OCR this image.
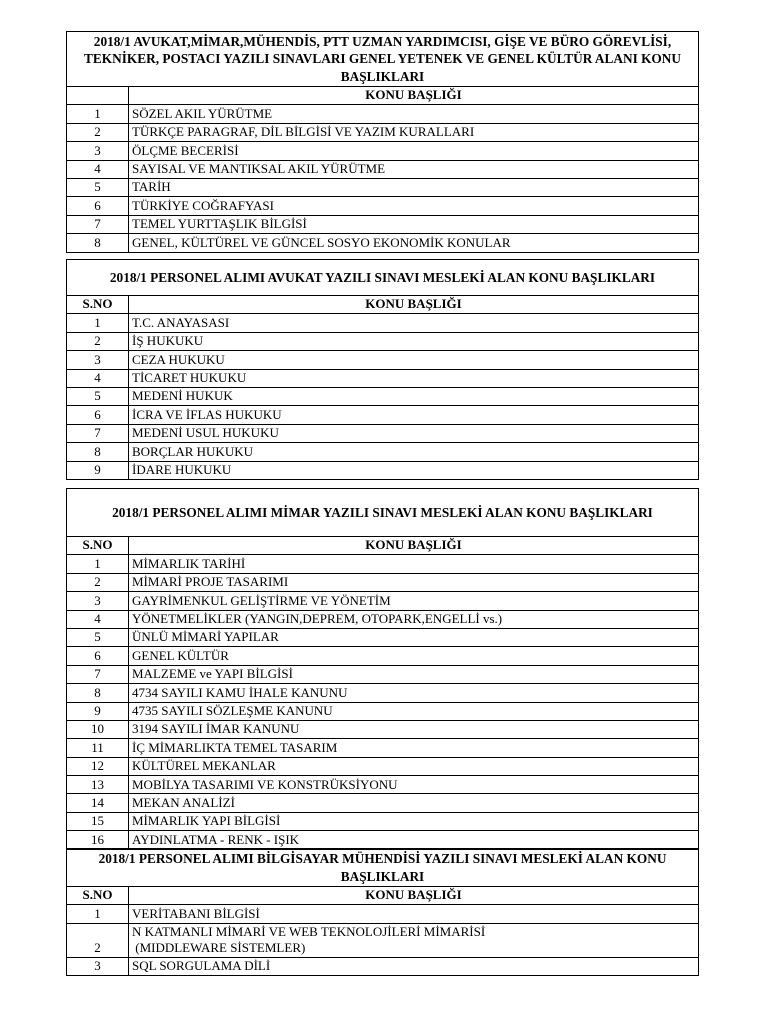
2018/1 AVUKAT,MİMAR,MÜHENDİS, PTT UZMAN YARDIMCISI, GİŞE VE BÜRO GÖREVLİSİ, TEKNİKER, POSTACI YAZILI SINAVLARI GENEL YETENEK VE GENEL KÜLTÜR ALANI KONU BAŞLIKLARI
	KONU BAŞLIĞI
1	SÖZEL AKIL YÜRÜTME
2	TÜRKÇE PARAGRAF, DİL BİLGİSİ VE YAZIM KURALLARI
3	ÖLÇME BECERİSİ
4	SAYISAL VE MANTIKSAL AKIL YÜRÜTME
5	TARİH
6	TÜRKİYE COĞRAFYASI
7	TEMEL YURTTAŞLIK BİLGİSİ
8	GENEL, KÜLTÜREL VE GÜNCEL SOSYO EKONOMİK KONULAR
2018/1 PERSONEL ALIMI AVUKAT YAZILI SINAVI MESLEKİ ALAN KONU BAŞLIKLARI
S.NO	KONU BAŞLIĞI
1	T.C. ANAYASASI
2	İŞ HUKUKU
3	CEZA HUKUKU
4	TİCARET HUKUKU
5	MEDENİ HUKUK
6	İCRA VE İFLAS HUKUKU
7	MEDENİ USUL HUKUKU
8	BORÇLAR HUKUKU
9	İDARE HUKUKU
2018/1 PERSONEL ALIMI MİMAR YAZILI SINAVI MESLEKİ ALAN KONU BAŞLIKLARI
S.NO	KONU BAŞLIĞI
1	MİMARLIK TARİHİ
2	MİMARİ PROJE TASARIMI
3	GAYRİMENKUL GELİŞTİRME VE YÖNETİM
4	YÖNETMELİKLER (YANGIN,DEPREM, OTOPARK,ENGELLİ vs.)
5	ÜNLÜ MİMARİ YAPILAR
6	GENEL KÜLTÜR
7	MALZEME ve YAPI BİLGİSİ
8	4734 SAYILI KAMU İHALE KANUNU
9	4735 SAYILI SÖZLEŞME KANUNU
10	3194 SAYILI İMAR KANUNU
11	İÇ MİMARLIKTA TEMEL TASARIM
12	KÜLTÜREL MEKANLAR
13	MOBİLYA TASARIMI VE KONSTRÜKSİYONU
14	MEKAN ANALİZİ
15	MİMARLIK YAPI BİLGİSİ
16	AYDINLATMA - RENK - IŞIK
2018/1 PERSONEL ALIMI BİLGİSAYAR MÜHENDİSİ YAZILI SINAVI MESLEKİ ALAN KONU BAŞLIKLARI
S.NO	KONU BAŞLIĞI
1	VERİTABANI BİLGİSİ
2	N KATMANLI MİMARİ VE WEB TEKNOLOJİLERİ MİMARİSİ
(MIDDLEWARE SİSTEMLER)

3	SQL SORGULAMA DİLİ
